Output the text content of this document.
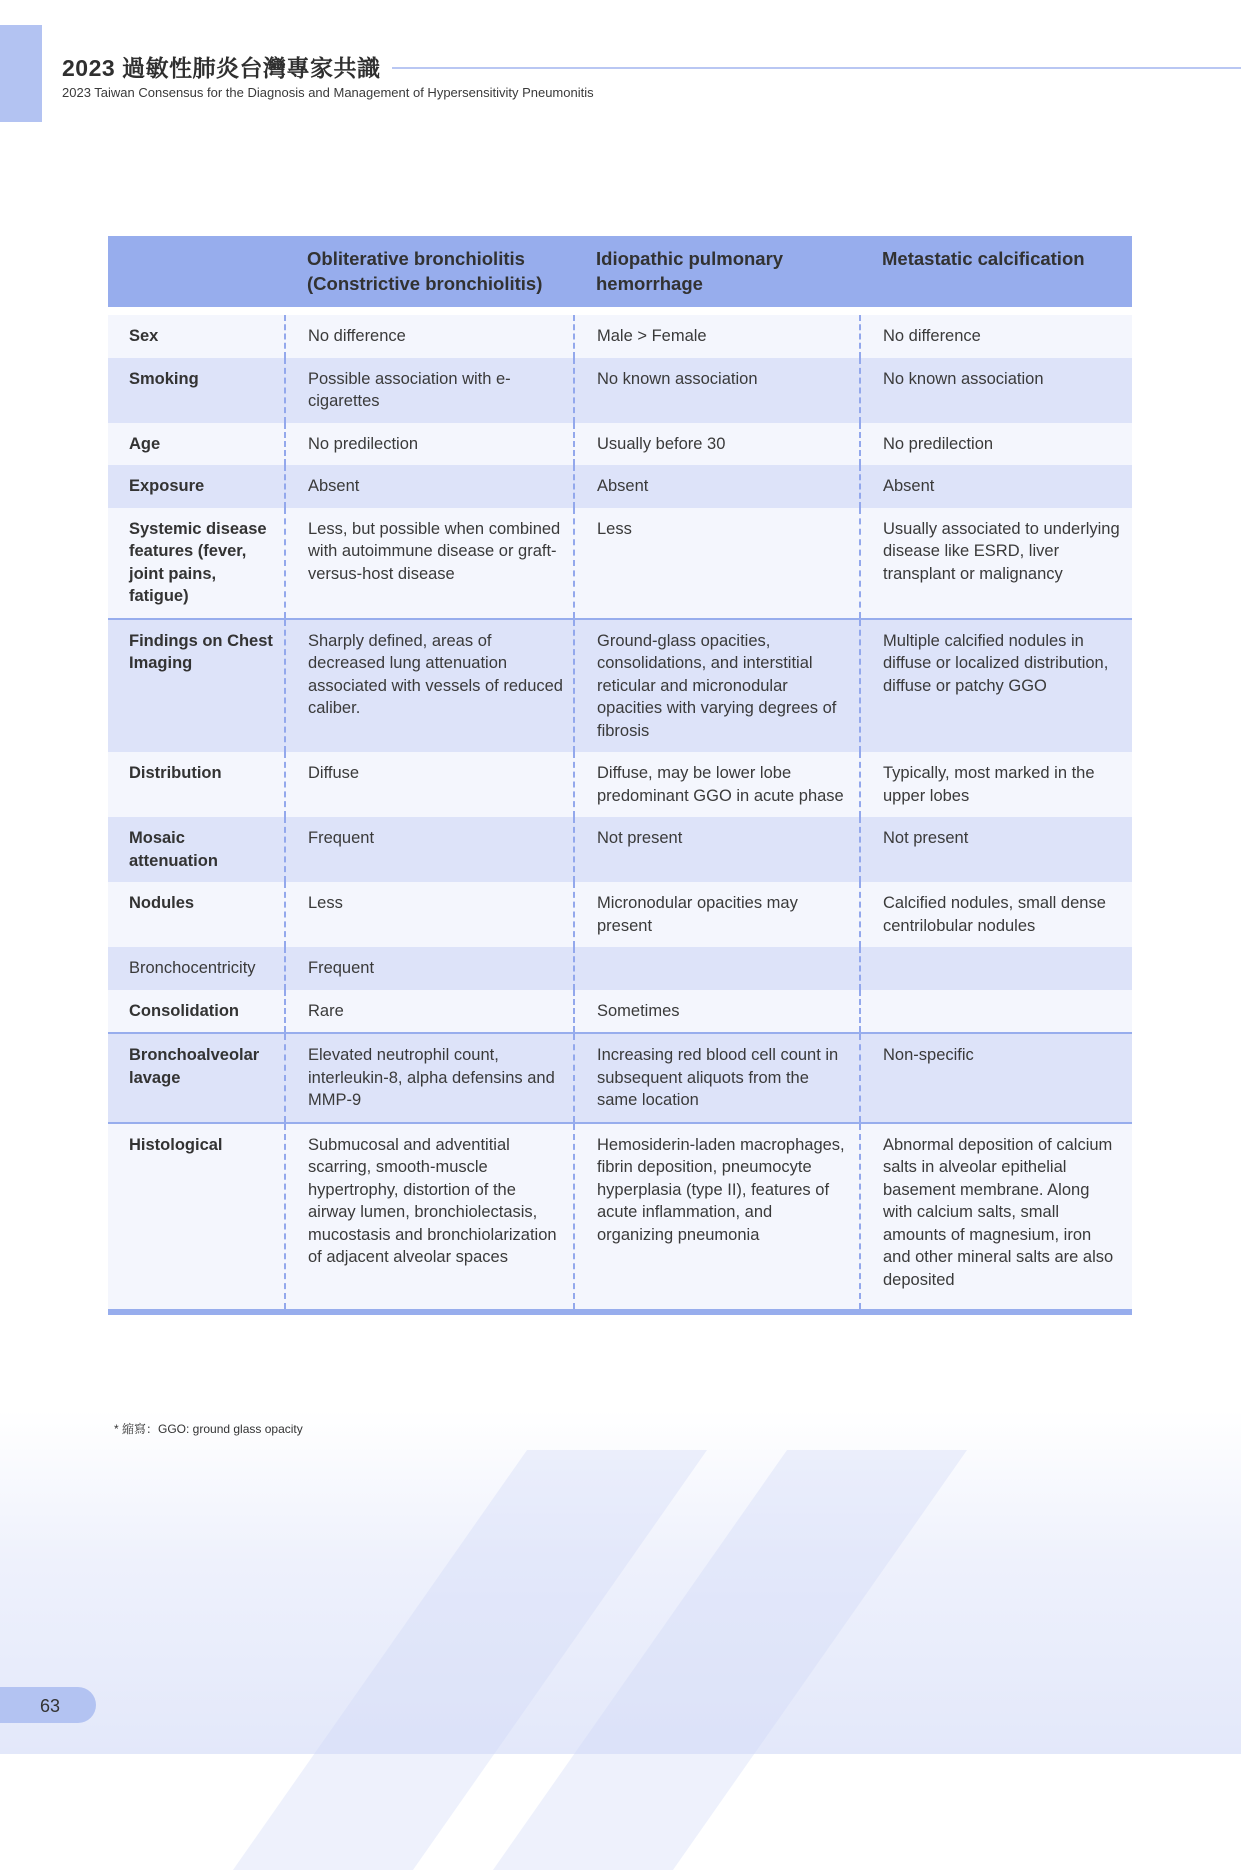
2023 過敏性肺炎台灣專家共識
2023 Taiwan Consensus for the Diagnosis and Management of Hypersensitivity Pneumonitis
	Obliterative bronchiolitis (Constrictive bronchiolitis)	Idiopathic pulmonary hemorrhage	Metastatic calcification
Sex	No difference	Male > Female	No difference
Smoking	Possible association with e-cigarettes	No known association	No known association
Age	No predilection	Usually before 30	No predilection
Exposure	Absent	Absent	Absent
Systemic disease features (fever, joint pains, fatigue)	Less, but possible when combined with autoimmune disease or graft-versus-host disease	Less	Usually associated to underlying disease like ESRD, liver transplant or malignancy
Findings on Chest Imaging	Sharply defined, areas of decreased lung attenuation associated with vessels of reduced caliber.	Ground-glass opacities, consolidations, and interstitial reticular and micronodular opacities with varying degrees of fibrosis	Multiple calcified nodules in diffuse or localized distribution, diffuse or patchy GGO
Distribution	Diffuse	Diffuse, may be lower lobe predominant GGO in acute phase	Typically, most marked in the upper lobes
Mosaic attenuation	Frequent	Not present	Not present
Nodules	Less	Micronodular opacities may present	Calcified nodules, small dense centrilobular nodules
Bronchocentricity	Frequent		
Consolidation	Rare	Sometimes	
Bronchoalveolar lavage	Elevated neutrophil count, interleukin-8, alpha defensins and MMP-9	Increasing red blood cell count in subsequent aliquots from the same location	Non-specific
Histological	Submucosal and adventitial scarring, smooth-muscle hypertrophy, distortion of the airway lumen, bronchiolectasis, mucostasis and bronchiolarization of adjacent alveolar spaces	Hemosiderin-laden macrophages, fibrin deposition, pneumocyte hyperplasia (type II), features of acute inflammation, and organizing pneumonia	Abnormal deposition of calcium salts in alveolar epithelial basement membrane. Along with calcium salts, small amounts of magnesium, iron and other mineral salts are also deposited
* 縮寫：GGO: ground glass opacity
63
